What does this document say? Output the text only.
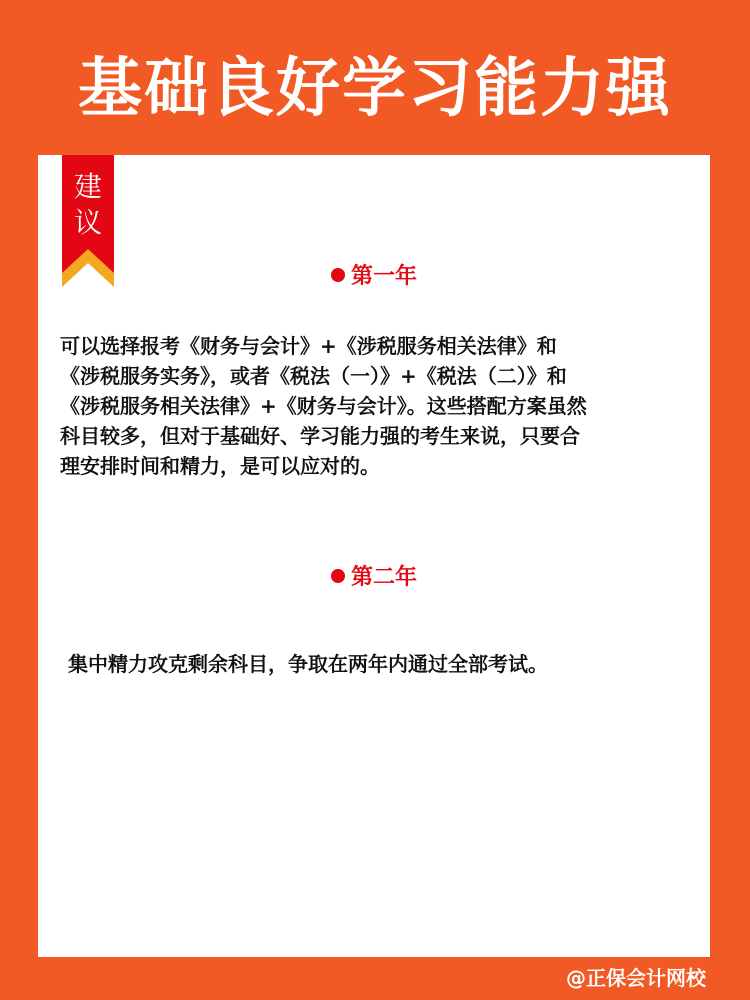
基础良好学习能力强
建
议
第一年
可以选择报考《财务与会计》+《涉税服务相关法律》和
《涉税服务实务》，或者《税法（一）》+《税法（二）》和
《涉税服务相关法律》+《财务与会计》。这些搭配方案虽然
科目较多，但对于基础好、学习能力强的考生来说，只要合
理安排时间和精力，是可以应对的。
第二年
集中精力攻克剩余科目，争取在两年内通过全部考试。
@正保会计网校
